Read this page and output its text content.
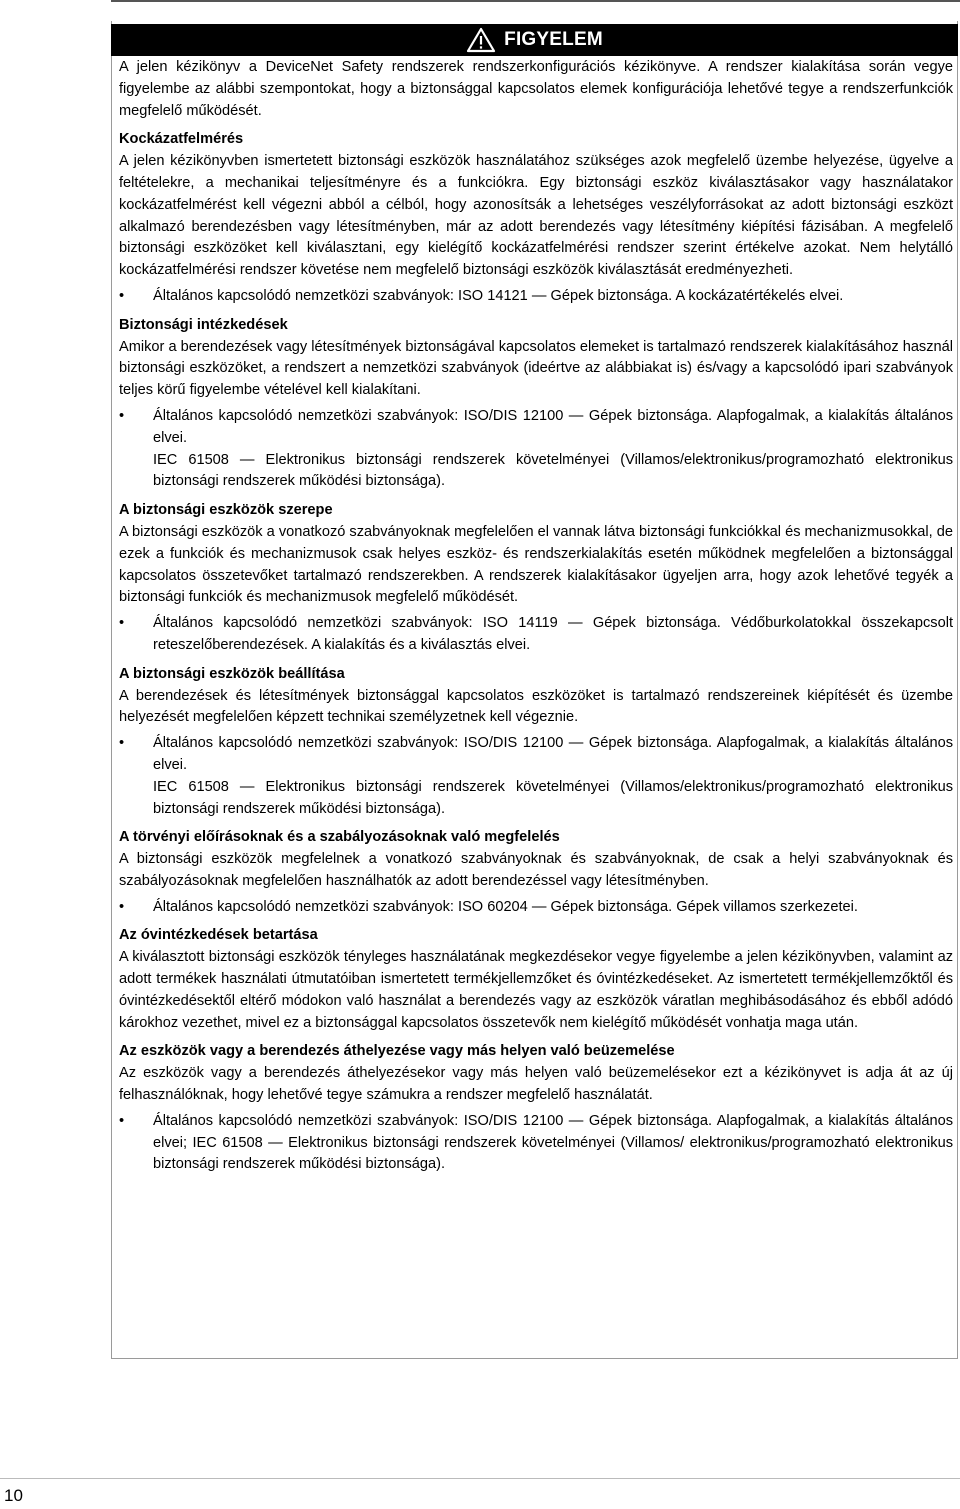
FIGYELEM

A jelen kézikönyv a DeviceNet Safety rendszerek rendszerkonfigurációs kézikönyve. A rendszer kialakítása során vegye figyelembe az alábbi szempontokat, hogy a biztonsággal kapcsolatos elemek konfigurációja lehetővé tegye a rendszerfunkciók megfelelő működését.

Kockázatfelmérés

A jelen kézikönyvben ismertetett biztonsági eszközök használatához szükséges azok megfelelő üzembe helyezése, ügyelve a feltételekre, a mechanikai teljesítményre és a funkciókra. Egy biztonsági eszköz kiválasztásakor vagy használatakor kockázatfelmérést kell végezni abból a célból, hogy azonosítsák a lehetséges veszélyforrásokat az adott biztonsági eszközt alkalmazó berendezésben vagy létesítményben, már az adott berendezés vagy létesítmény kiépítési fázisában. A megfelelő biztonsági eszközöket kell kiválasztani, egy kielégítő kockázatfelmérési rendszer szerint értékelve azokat. Nem helytálló kockázatfelmérési rendszer követése nem megfelelő biztonsági eszközök kiválasztását eredményezheti.

• Általános kapcsolódó nemzetközi szabványok: ISO 14121 — Gépek biztonsága. A kockázatértékelés elvei.
Biztonsági intézkedések

Amikor a berendezések vagy létesítmények biztonságával kapcsolatos elemeket is tartalmazó rendszerek kialakításához használ biztonsági eszközöket, a rendszert a nemzetközi szabványok (ideértve az alábbiakat is) és/vagy a kapcsolódó ipari szabványok teljes körű figyelembe vételével kell kialakítani.

• Általános kapcsolódó nemzetközi szabványok: ISO/DIS 12100 — Gépek biztonsága. Alapfogalmak, a kialakítás általános elvei.
IEC 61508 — Elektronikus biztonsági rendszerek követelményei (Villamos/elektronikus/programozható elektronikus biztonsági rendszerek működési biztonsága).
A biztonsági eszközök szerepe

A biztonsági eszközök a vonatkozó szabványoknak megfelelően el vannak látva biztonsági funkciókkal és mechanizmusokkal, de ezek a funkciók és mechanizmusok csak helyes eszköz- és rendszerkialakítás esetén működnek megfelelően a biztonsággal kapcsolatos összetevőket tartalmazó rendszerekben. A rendszerek kialakításakor ügyeljen arra, hogy azok lehetővé tegyék a biztonsági funkciók és mechanizmusok megfelelő működését.

• Általános kapcsolódó nemzetközi szabványok: ISO 14119 — Gépek biztonsága. Védőburkolatokkal összekapcsolt reteszelőberendezések. A kialakítás és a kiválasztás elvei.
A biztonsági eszközök beállítása

A berendezések és létesítmények biztonsággal kapcsolatos eszközöket is tartalmazó rendszereinek kiépítését és üzembe helyezését megfelelően képzett technikai személyzetnek kell végeznie.

• Általános kapcsolódó nemzetközi szabványok: ISO/DIS 12100 — Gépek biztonsága. Alapfogalmak, a kialakítás általános elvei.
IEC 61508 — Elektronikus biztonsági rendszerek követelményei (Villamos/elektronikus/programozható elektronikus biztonsági rendszerek működési biztonsága).
A törvényi előírásoknak és a szabályozásoknak való megfelelés

A biztonsági eszközök megfelelnek a vonatkozó szabványoknak és szabványoknak, de csak a helyi szabványoknak és szabályozásoknak megfelelően használhatók az adott berendezéssel vagy létesítményben.

• Általános kapcsolódó nemzetközi szabványok: ISO 60204 — Gépek biztonsága. Gépek villamos szerkezetei.
Az óvintézkedések betartása

A kiválasztott biztonsági eszközök tényleges használatának megkezdésekor vegye figyelembe a jelen kézikönyvben, valamint az adott termékek használati útmutatóiban ismertetett termékjellemzőket és óvintézkedéseket. Az ismertetett termékjellemzőktől és óvintézkedésektől eltérő módokon való használat a berendezés vagy az eszközök váratlan meghibásodásához és ebből adódó károkhoz vezethet, mivel ez a biztonsággal kapcsolatos összetevők nem kielégítő működését vonhatja maga után.

Az eszközök vagy a berendezés áthelyezése vagy más helyen való beüzemelése

Az eszközök vagy a berendezés áthelyezésekor vagy más helyen való beüzemelésekor ezt a kézikönyvet is adja át az új felhasználóknak, hogy lehetővé tegye számukra a rendszer megfelelő használatát.

• Általános kapcsolódó nemzetközi szabványok: ISO/DIS 12100 — Gépek biztonsága. Alapfogalmak, a kialakítás általános elvei; IEC 61508 — Elektronikus biztonsági rendszerek követelményei (Villamos/ elektronikus/programozható elektronikus biztonsági rendszerek működési biztonsága).
10
